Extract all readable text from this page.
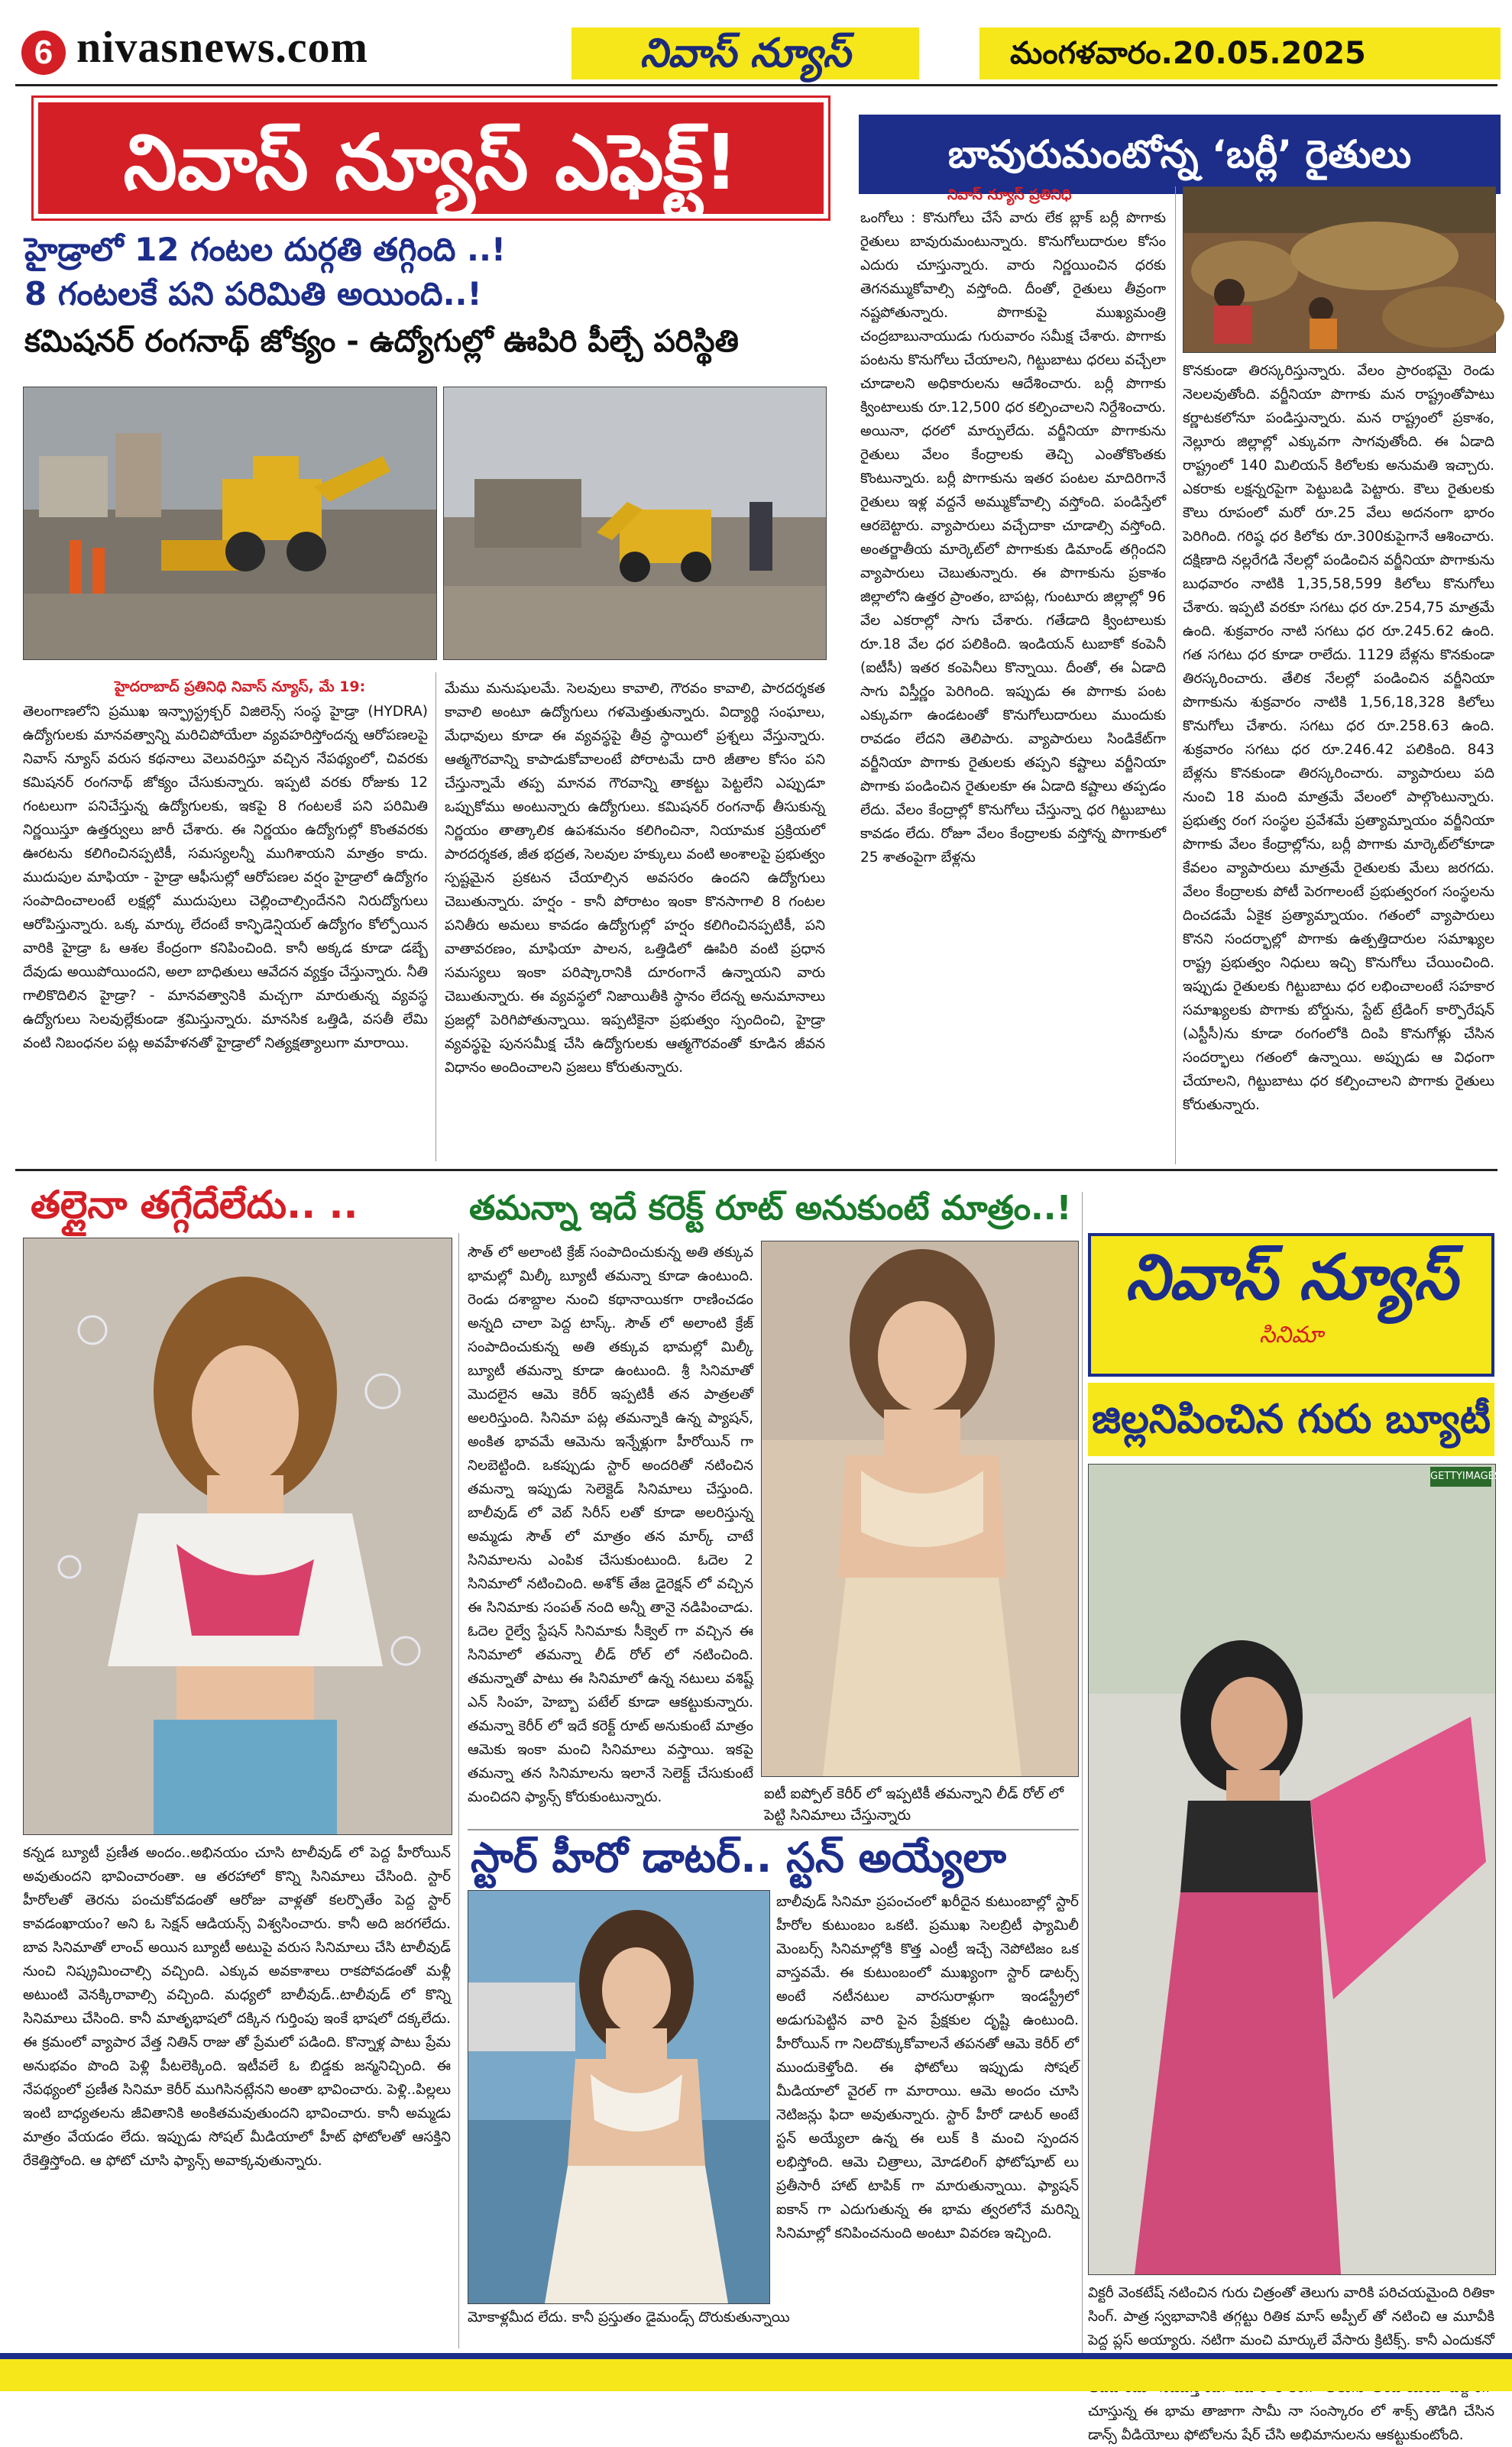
6 nivasnews.com	నివాస్ న్యూస్	మంగళవారం.20.05.2025
నివాస్ న్యూస్ ఎఫెక్ట్!
హైడ్రాలో 12 గంటల దుర్గతి తగ్గింది ..!
8 గంటలకే పని పరిమితి అయింది..!
కమిషనర్ రంగనాథ్ జోక్యం - ఉద్యోగుల్లో ఊపిరి పీల్చే పరిస్థితి
హైదరాబాద్ ప్రతినిధి నివాస్ న్యూస్, మే 19:
తెలంగాణలోని ప్రముఖ ఇన్ఫ్రాస్ట్రక్చర్ విజిలెన్స్ సంస్థ హైడ్రా (HYDRA) ఉద్యోగులకు మానవత్వాన్ని మరిచిపోయేలా వ్యవహరిస్తోందన్న ఆరోపణలపై నివాస్ న్యూస్ వరుస కథనాలు వెలువరిస్తూ వచ్చిన నేపథ్యంలో, చివరకు కమిషనర్ రంగనాథ్ జోక్యం చేసుకున్నారు. ఇప్పటి వరకు రోజుకు 12 గంటలుగా పనిచేస్తున్న ఉద్యోగులకు, ఇకపై 8 గంటలకే పని పరిమితి నిర్ణయిస్తూ ఉత్తర్వులు జారీ చేశారు. ఈ నిర్ణయం ఉద్యోగుల్లో కొంతవరకు ఊరటను కలిగించినప్పటికీ, సమస్యలన్నీ ముగిశాయని మాత్రం కాదు. ముదుపుల మాఫియా - హైడ్రా ఆఫీసుల్లో ఆరోపణల వర్షం హైడ్రాలో ఉద్యోగం సంపాదించాలంటే లక్షల్లో ముదుపులు చెల్లించాల్సిందేనని నిరుద్యోగులు ఆరోపిస్తున్నారు. ఒక్క మార్కు లేదంటే కాన్ఫిడెన్షియల్ ఉద్యోగం కోల్పోయిన వారికి హైడ్రా ఓ ఆశల కేంద్రంగా కనిపించింది. కానీ అక్కడ కూడా డబ్బే దేవుడు అయిపోయిందని, అలా బాధితులు ఆవేదన వ్యక్తం చేస్తున్నారు. నీతి గాలికొదిలిన హైడ్రా? - మానవత్వానికి మచ్చగా మారుతున్న వ్యవస్థ ఉద్యోగులు సెలవుల్లేకుండా శ్రమిస్తున్నారు. మానసిక ఒత్తిడి, వసతీ లేమి వంటి నిబంధనల పట్ల అవహేళనతో హైడ్రాలో నిత్యక్షత్యాలుగా మారాయి.
మేము మనుషులమే. సెలవులు కావాలి, గౌరవం కావాలి, పారదర్శకత కావాలి అంటూ ఉద్యోగులు గళమెత్తుతున్నారు. విద్యార్థి సంఘాలు, మేధావులు కూడా ఈ వ్యవస్థపై తీవ్ర స్థాయిలో ప్రశ్నలు వేస్తున్నారు. ఆత్మగౌరవాన్ని కాపాడుకోవాలంటే పోరాటమే దారి జీతాల కోసం పని చేస్తున్నామే తప్ప మానవ గౌరవాన్ని తాకట్టు పెట్టలేని ఎప్పుడూ ఒప్పుకోము అంటున్నారు ఉద్యోగులు. కమిషనర్ రంగనాథ్ తీసుకున్న నిర్ణయం తాత్కాలిక ఉపశమనం కలిగించినా, నియామక ప్రక్రియలో పారదర్శకత, జీత భద్రత, సెలవుల హక్కులు వంటి అంశాలపై ప్రభుత్వం స్పష్టమైన ప్రకటన చేయాల్సిన అవసరం ఉందని ఉద్యోగులు చెబుతున్నారు. హర్షం - కానీ పోరాటం ఇంకా కొనసాగాలి 8 గంటల పనితీరు అమలు కావడం ఉద్యోగుల్లో హర్షం కలిగించినప్పటికీ, పని వాతావరణం, మాఫియా పాలన, ఒత్తిడిలో ఊపిరి వంటి ప్రధాన సమస్యలు ఇంకా పరిష్కారానికి దూరంగానే ఉన్నాయని వారు చెబుతున్నారు. ఈ వ్యవస్థలో నిజాయితీకి స్థానం లేదన్న అనుమానాలు ప్రజల్లో పెరిగిపోతున్నాయి. ఇప్పటికైనా ప్రభుత్వం స్పందించి, హైడ్రా వ్యవస్థపై పునసమీక్ష చేసి ఉద్యోగులకు ఆత్మగౌరవంతో కూడిన జీవన విధానం అందించాలని ప్రజలు కోరుతున్నారు.
బావురుమంటోన్న ‘బర్లీ’ రైతులు
నివాస్ న్యూస్ ప్రతినిధి
ఒంగోలు : కొనుగోలు చేసే వారు లేక బ్లాక్ బర్లీ పొగాకు రైతులు బావురుమంటున్నారు. కొనుగోలుదారుల కోసం ఎదురు చూస్తున్నారు. వారు నిర్ణయించిన ధరకు తెగనమ్ముకోవాల్సి వస్తోంది. దీంతో, రైతులు తీవ్రంగా నష్టపోతున్నారు. పొగాకుపై ముఖ్యమంత్రి చంద్రబాబునాయుడు గురువారం సమీక్ష చేశారు. పొగాకు పంటను కొనుగోలు చేయాలని, గిట్టుబాటు ధరలు వచ్చేలా చూడాలని అధికారులను ఆదేశించారు. బర్లీ పొగాకు క్వింటాలుకు రూ.12,500 ధర కల్పించాలని నిర్దేశించారు. అయినా, ధరలో మార్పులేదు. వర్జీనియా పొగాకును రైతులు వేలం కేంద్రాలకు తెచ్చి ఎంతోకొంతకు కొంటున్నారు. బర్లీ పొగాకును ఇతర పంటల మాదిరిగానే రైతులు ఇళ్ల వద్దనే అమ్ముకోవాల్సి వస్తోంది. పండిస్తేలో ఆరబెట్టారు. వ్యాపారులు వచ్చేదాకా చూడాల్సి వస్తోంది. అంతర్జాతీయ మార్కెట్‌లో పొగాకుకు డిమాండ్ తగ్గిందని వ్యాపారులు చెబుతున్నారు. ఈ పొగాకును ప్రకాశం జిల్లాలోని ఉత్తర ప్రాంతం, బాపట్ల, గుంటూరు జిల్లాల్లో 96 వేల ఎకరాల్లో సాగు చేశారు. గతేడాది క్వింటాలుకు రూ.18 వేల ధర పలికింది. ఇండియన్ టుబాకో కంపెనీ (ఐటీసీ) ఇతర కంపెనీలు కొన్నాయి. దీంతో, ఈ ఏడాది సాగు విస్తీర్ణం పెరిగింది. ఇప్పుడు ఈ పొగాకు పంట ఎక్కువగా ఉండటంతో కొనుగోలుదారులు ముందుకు రావడం లేదని తెలిపారు. వ్యాపారులు సిండికేట్‌గా వర్జీనియా పొగాకు రైతులకు తప్పని కష్టాలు వర్జీనియా పొగాకు పండించిన రైతులకూ ఈ ఏడాది కష్టాలు తప్పడం లేదు. వేలం కేంద్రాల్లో కొనుగోలు చేస్తున్నా ధర గిట్టుబాటు కావడం లేదు. రోజూ వేలం కేంద్రాలకు వస్తోన్న పొగాకులో 25 శాతంపైగా బేళ్లను
కొనకుండా తిరస్కరిస్తున్నారు. వేలం ప్రారంభమై రెండు నెలలవుతోంది. వర్జీనియా పొగాకు మన రాష్ట్రంతోపాటు కర్ణాటకలోనూ పండిస్తున్నారు. మన రాష్ట్రంలో ప్రకాశం, నెల్లూరు జిల్లాల్లో ఎక్కువగా సాగవుతోంది. ఈ ఏడాది రాష్ట్రంలో 140 మిలియన్ కిలోలకు అనుమతి ఇచ్చారు. ఎకరాకు లక్షన్నరపైగా పెట్టుబడి పెట్టారు. కౌలు రైతులకు కౌలు రూపంలో మరో రూ.25 వేలు అదనంగా భారం పెరిగింది. గరిష్ఠ ధర కిలోకు రూ.300కుపైగానే ఆశించారు. దక్షిణాది నల్లరేగడి నేలల్లో పండించిన వర్జీనియా పొగాకును బుధవారం నాటికి 1,35,58,599 కిలోలు కొనుగోలు చేశారు. ఇప్పటి వరకూ సగటు ధర రూ.254,75 మాత్రమే ఉంది. శుక్రవారం నాటి సగటు ధర రూ.245.62 ఉంది. గత సగటు ధర కూడా రాలేదు. 1129 బేళ్లను కొనకుండా తిరస్కరించారు. తేలిక నేలల్లో పండించిన వర్జీనియా పొగాకును శుక్రవారం నాటికి 1,56,18,328 కిలోలు కొనుగోలు చేశారు. సగటు ధర రూ.258.63 ఉంది. శుక్రవారం సగటు ధర రూ.246.42 పలికింది. 843 బేళ్లను కొనకుండా తిరస్కరించారు. వ్యాపారులు పది నుంచి 18 మంది మాత్రమే వేలంలో పాల్గొంటున్నారు. ప్రభుత్వ రంగ సంస్థల ప్రవేశమే ప్రత్యామ్నాయం వర్జీనియా పొగాకు వేలం కేంద్రాల్లోను, బర్లీ పొగాకు మార్కెట్‌లోకూడా కేవలం వ్యాపారులు మాత్రమే రైతులకు మేలు జరగదు. వేలం కేంద్రాలకు పోటీ పెరగాలంటే ప్రభుత్వరంగ సంస్థలను దించడమే ఏకైక ప్రత్యామ్నాయం. గతంలో వ్యాపారులు కొనని సందర్భాల్లో పొగాకు ఉత్పత్తిదారుల సమాఖ్యల రాష్ట్ర ప్రభుత్వం నిధులు ఇచ్చి కొనుగోలు చేయించింది. ఇప్పుడు రైతులకు గిట్టుబాటు ధర లభించాలంటే సహకార సమాఖ్యలకు పొగాకు బోర్డును, స్టేట్ ట్రేడింగ్ కార్పొరేషన్ (ఎస్టీసీ)ను కూడా రంగంలోకి దింపి కొనుగోళ్లు చేసిన సందర్భాలు గతంలో ఉన్నాయి. అప్పుడు ఆ విధంగా చేయాలని, గిట్టుబాటు ధర కల్పించాలని పొగాకు రైతులు కోరుతున్నారు.
తల్లైనా తగ్గేదేలేదు.. ..
కన్నడ బ్యూటీ ప్రణీత అందం..అభినయం చూసి టాలీవుడ్ లో పెద్ద హీరోయిన్ అవుతుందని భావించారంతా. ఆ తరహాలో కొన్ని సినిమాలు చేసింది. స్టార్ హీరోలతో తెరను పంచుకోవడంతో ఆరోజు వాళ్లతో కలర్పొతేం పెద్ద స్టార్ కావడంఖాయం? అని ఓ సెక్షన్ ఆడియన్స్ విశ్వసించారు. కానీ అది జరగలేదు. బావ సినిమాతో లాంచ్ అయిన బ్యూటీ అటుపై వరుస సినిమాలు చేసి టాలీవుడ్ నుంచి నిష్క్రమించాల్సి వచ్చింది. ఎక్కువ అవకాశాలు రాకపోవడంతో మళ్లీ అటుంటి వెనక్కిరావాల్సి వచ్చింది. మధ్యలో బాలీవుడ్..టాలీవుడ్ లో కొన్ని సినిమాలు చేసింది. కానీ మాతృభాషలో దక్కిన గుర్తింపు ఇంకే భాషలో దక్కలేదు. ఈ క్రమంలో వ్యాపార వేత్త నితిన్ రాజు తో ప్రేమలో పడింది. కొన్నాళ్ల పాటు ప్రేమ అనుభవం పొంది పెళ్లి పీటలెక్కింది. ఇటీవలే ఓ బిడ్డకు జన్మనిచ్చింది. ఈ నేపథ్యంలో ప్రణీత సినిమా కెరీర్ ముగిసినట్లేనని అంతా భావించారు. పెళ్లి..పిల్లలు ఇంటి బాధ్యతలను జీవితానికి అంకితమవుతుందని భావించారు. కానీ అమ్మడు మాత్రం వేయడం లేదు. ఇప్పుడు సోషల్ మీడియాలో హీట్ ఫోటోలతో ఆసక్తిని రేకెత్తిస్తోంది. ఆ ఫోటో చూసి ఫ్యాన్స్ అవాక్కవుతున్నారు.
తమన్నా ఇదే కరెక్ట్ రూట్ అనుకుంటే మాత్రం..!
సౌత్ లో అలాంటి క్రేజ్ సంపాదించుకున్న అతి తక్కువ భామల్లో మిల్కీ బ్యూటీ తమన్నా కూడా ఉంటుంది. రెండు దశాబ్దాల నుంచి కథానాయికగా రాణించడం అన్నది చాలా పెద్ద టాస్క్. సౌత్ లో అలాంటి క్రేజ్ సంపాదించుకున్న అతి తక్కువ భామల్లో మిల్కీ బ్యూటీ తమన్నా కూడా ఉంటుంది. శ్రీ సినిమాతో మొదలైన ఆమె కెరీర్ ఇప్పటికీ తన పాత్రలతో అలరిస్తుంది. సినిమా పట్ల తమన్నాకి ఉన్న ప్యాషన్, అంకిత భావమే ఆమెను ఇన్నేళ్లుగా హీరోయిన్ గా నిలబెట్టింది. ఒకప్పుడు స్టార్ అందరితో నటించిన తమన్నా ఇప్పుడు సెలెక్టెడ్ సినిమాలు చేస్తుంది. బాలీవుడ్ లో వెబ్ సిరీస్ లతో కూడా అలరిస్తున్న అమ్మడు సౌత్ లో మాత్రం తన మార్క్ చాటే సినిమాలను ఎంపిక చేసుకుంటుంది. ఓదెల 2 సినిమాలో నటించింది. అశోక్ తేజ డైరెక్షన్ లో వచ్చిన ఈ సినిమాకు సంపత్ నంది అన్నీ తానై నడిపించాడు. ఓదెల రైల్వే స్టేషన్ సినిమాకు సీక్వెల్ గా వచ్చిన ఈ సినిమాలో తమన్నా లీడ్ రోల్ లో నటించింది. తమన్నాతో పాటు ఈ సినిమాలో ఉన్న నటులు వశిష్ట్ ఎన్ సింహ, హెబ్బా పటేల్ కూడా ఆకట్టుకున్నారు. తమన్నా కెరీర్ లో ఇదే కరెక్ట్ రూట్ అనుకుంటే మాత్రం ఆమెకు ఇంకా మంచి సినిమాలు వస్తాయి. ఇకపై తమన్నా తన సినిమాలను ఇలానే సెలెక్ట్ చేసుకుంటే మంచిదని ఫ్యాన్స్ కోరుకుంటున్నారు.	ఐటీ ఐప్పోల్ కెరీర్ లో ఇప్పటికీ తమన్నాని లీడ్ రోల్ లో పెట్టి సినిమాలు చేస్తున్నారు
స్టార్ హీరో డాటర్.. స్టన్ అయ్యేలా
బాలీవుడ్ సినిమా ప్రపంచంలో ఖరీదైన కుటుంబాల్లో స్టార్ హీరోల కుటుంబం ఒకటి. ప్రముఖ సెలబ్రిటీ ఫ్యామిలీ మెంబర్స్ సినిమాల్లోకి కొత్త ఎంట్రీ ఇచ్చే నెపోటిజం ఒక వాస్తవమే. ఈ కుటుంబంలో ముఖ్యంగా స్టార్ డాటర్స్ అంటే నటీనటుల వారసురాళ్లుగా ఇండస్ట్రీలో అడుగుపెట్టిన వారి పైన ప్రేక్షకుల దృష్టి ఉంటుంది. హీరోయిన్ గా నిలదొక్కుకోవాలనే తపనతో ఆమె కెరీర్ లో ముందుకెళ్తోంది. ఈ ఫోటోలు ఇప్పుడు సోషల్ మీడియాలో వైరల్ గా మారాయి. ఆమె అందం చూసి నెటిజన్లు ఫిదా అవుతున్నారు. స్టార్ హీరో డాటర్ అంటే స్టన్ అయ్యేలా ఉన్న ఈ లుక్ కి మంచి స్పందన లభిస్తోంది. ఆమె చిత్రాలు, మోడలింగ్ ఫోటోషూట్ లు ప్రతీసారీ హాట్ టాపిక్ గా మారుతున్నాయి. ఫ్యాషన్ ఐకాన్ గా ఎదుగుతున్న ఈ భామ త్వరలోనే మరిన్ని సినిమాల్లో కనిపించనుంది అంటూ వివరణ ఇచ్చింది.
మోకాళ్లమీద లేదు. కానీ ప్రస్తుతం డైమండ్స్ దొరుకుతున్నాయి
నివాస్ న్యూస్
సినిమా
జిల్లనిపించిన గురు బ్యూటీ
GETTYIMAGES
విక్టరీ వెంకటేష్ నటించిన గురు చిత్రంతో తెలుగు వారికి పరిచయమైంది రితికా సింగ్. పాత్ర స్వభావానికి తగ్గట్టు రితిక మాస్ అప్పీల్ తో నటించి ఆ మూవీకి పెద్ద ప్లస్ అయ్యారు. నటిగా మంచి మార్కులే వేసారు క్రిటిక్స్. కానీ ఎందుకనో చూస్తున్న ఈ భామ తాజాగా సామీ నా సంస్కారం లో శాక్స్ తొడిగి చేసిన డాన్స్ వీడియోలు ఫోటోలను షేర్ చేసి అభిమానులను ఆకట్టుకుంటోంది.
